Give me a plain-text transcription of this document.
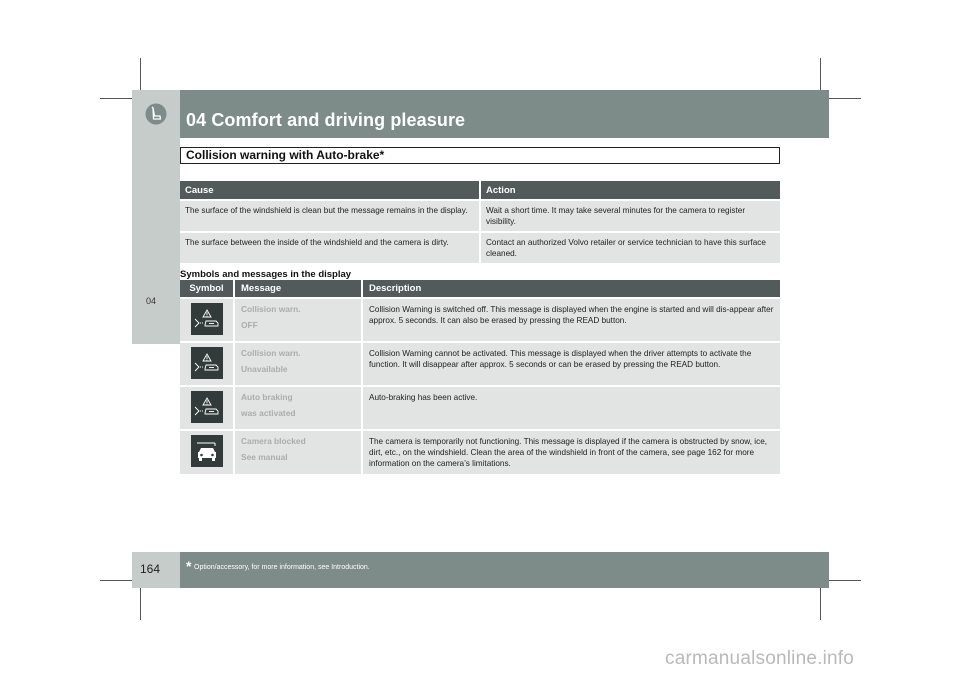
04 Comfort and driving pleasure
04
Collision warning with Auto-brake*
Cause	Action
The surface of the windshield is clean but the message remains in the display.	Wait a short time. It may take several minutes for the camera to register visibility.
The surface between the inside of the windshield and the camera is dirty.	Contact an authorized Volvo retailer or service technician to have this surface cleaned.
Symbols and messages in the display
Symbol	Message	Description

Collision warn.
OFF	Collision Warning is switched off. This message is displayed when the engine is started and will dis-appear after approx. 5 seconds. It can also be erased by pressing the READ button.

Collision warn.
Unavailable	Collision Warning cannot be activated. This message is displayed when the driver attempts to activate the function. It will disappear after approx. 5 seconds or can be erased by pressing the READ button.

Auto braking
was activated	Auto-braking has been active.

Camera blocked
See manual	The camera is temporarily not functioning. This message is displayed if the camera is obstructed by snow, ice, dirt, etc., on the windshield. Clean the area of the windshield in front of the camera, see page 162 for more information on the camera’s limitations.
164 * Option/accessory, for more information, see Introduction.
carmanualsonline.info
